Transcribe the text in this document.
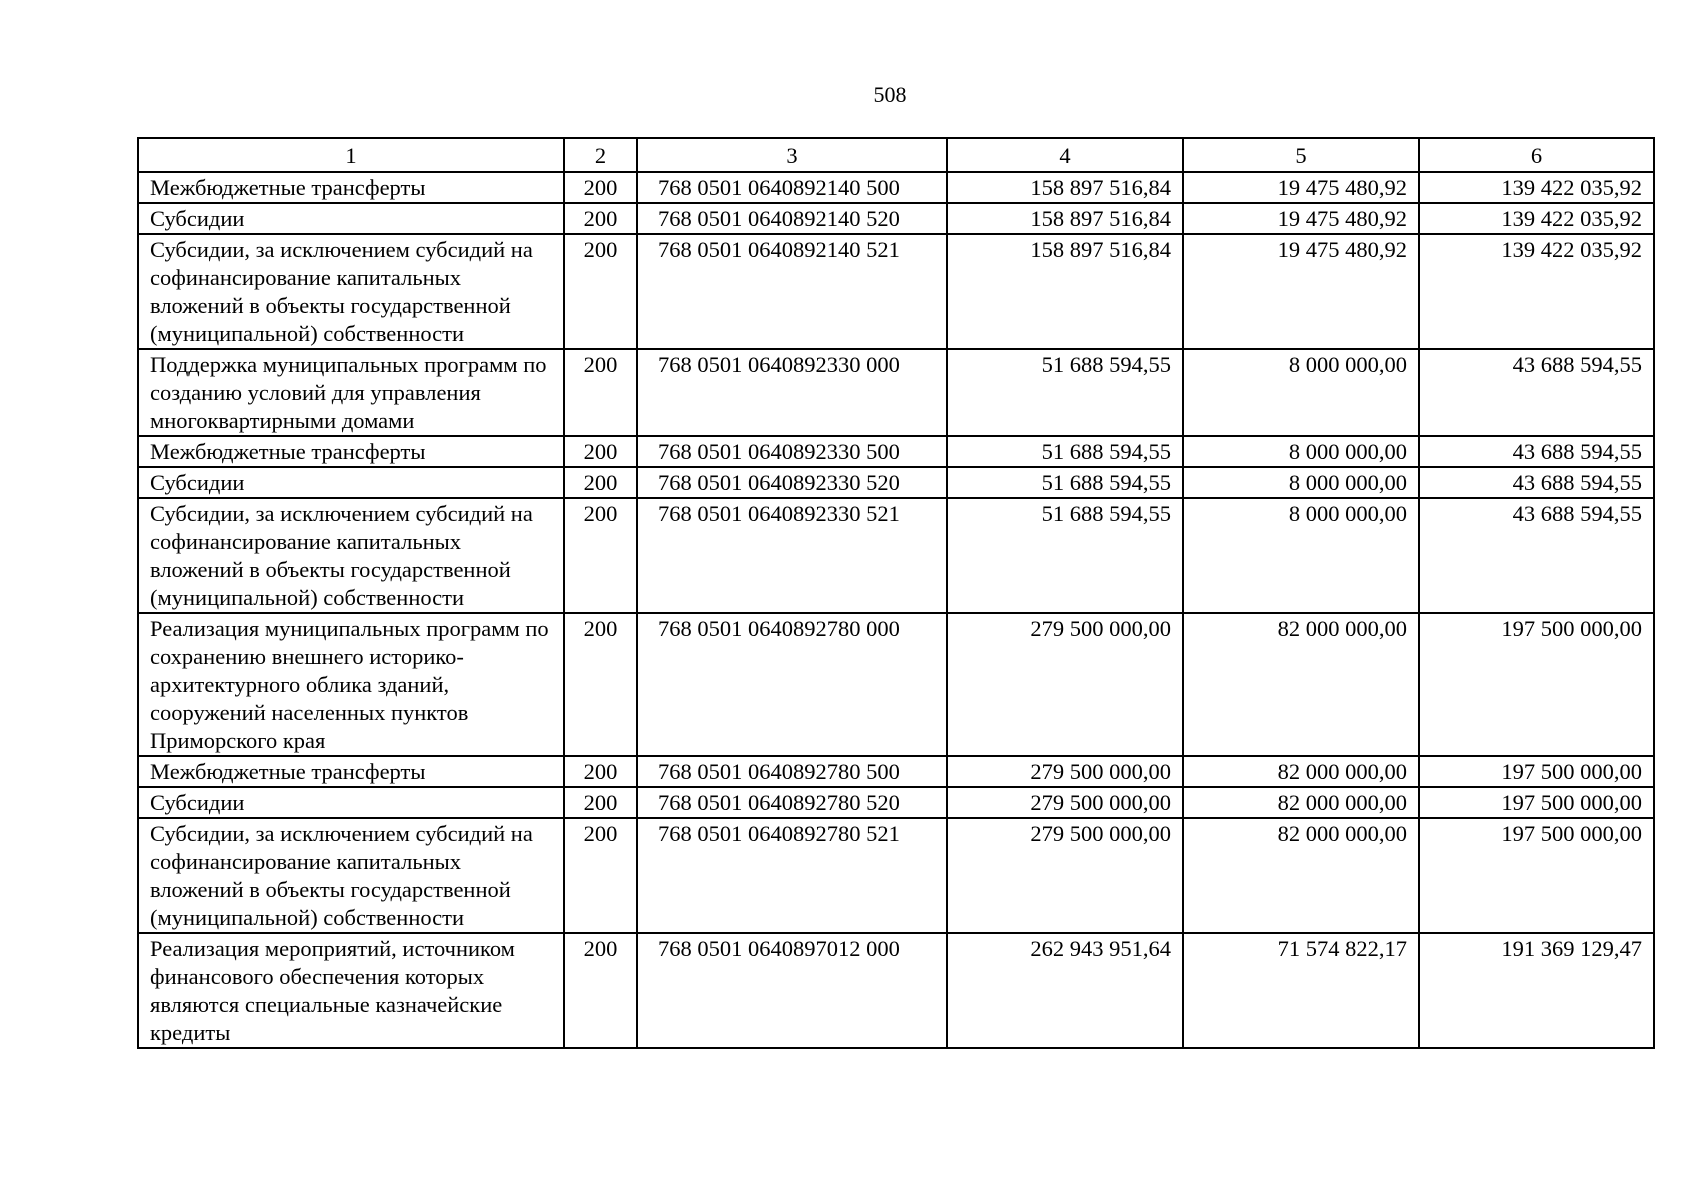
508
1	2	3	4	5	6
Межбюджетные трансферты	200	768 0501 0640892140 500	158 897 516,84	19 475 480,92	139 422 035,92
Субсидии	200	768 0501 0640892140 520	158 897 516,84	19 475 480,92	139 422 035,92
Субсидии, за исключением субсидий на софинансирование капитальных вложений в объекты государственной (муниципальной) собственности	200	768 0501 0640892140 521	158 897 516,84	19 475 480,92	139 422 035,92
Поддержка муниципальных программ по созданию условий для управления многоквартирными домами	200	768 0501 0640892330 000	51 688 594,55	8 000 000,00	43 688 594,55
Межбюджетные трансферты	200	768 0501 0640892330 500	51 688 594,55	8 000 000,00	43 688 594,55
Субсидии	200	768 0501 0640892330 520	51 688 594,55	8 000 000,00	43 688 594,55
Субсидии, за исключением субсидий на софинансирование капитальных вложений в объекты государственной (муниципальной) собственности	200	768 0501 0640892330 521	51 688 594,55	8 000 000,00	43 688 594,55
Реализация муниципальных программ по сохранению внешнего историко-архитектурного облика зданий, сооружений населенных пунктов Приморского края	200	768 0501 0640892780 000	279 500 000,00	82 000 000,00	197 500 000,00
Межбюджетные трансферты	200	768 0501 0640892780 500	279 500 000,00	82 000 000,00	197 500 000,00
Субсидии	200	768 0501 0640892780 520	279 500 000,00	82 000 000,00	197 500 000,00
Субсидии, за исключением субсидий на софинансирование капитальных вложений в объекты государственной (муниципальной) собственности	200	768 0501 0640892780 521	279 500 000,00	82 000 000,00	197 500 000,00
Реализация мероприятий, источником финансового обеспечения которых являются специальные казначейские кредиты	200	768 0501 0640897012 000	262 943 951,64	71 574 822,17	191 369 129,47
